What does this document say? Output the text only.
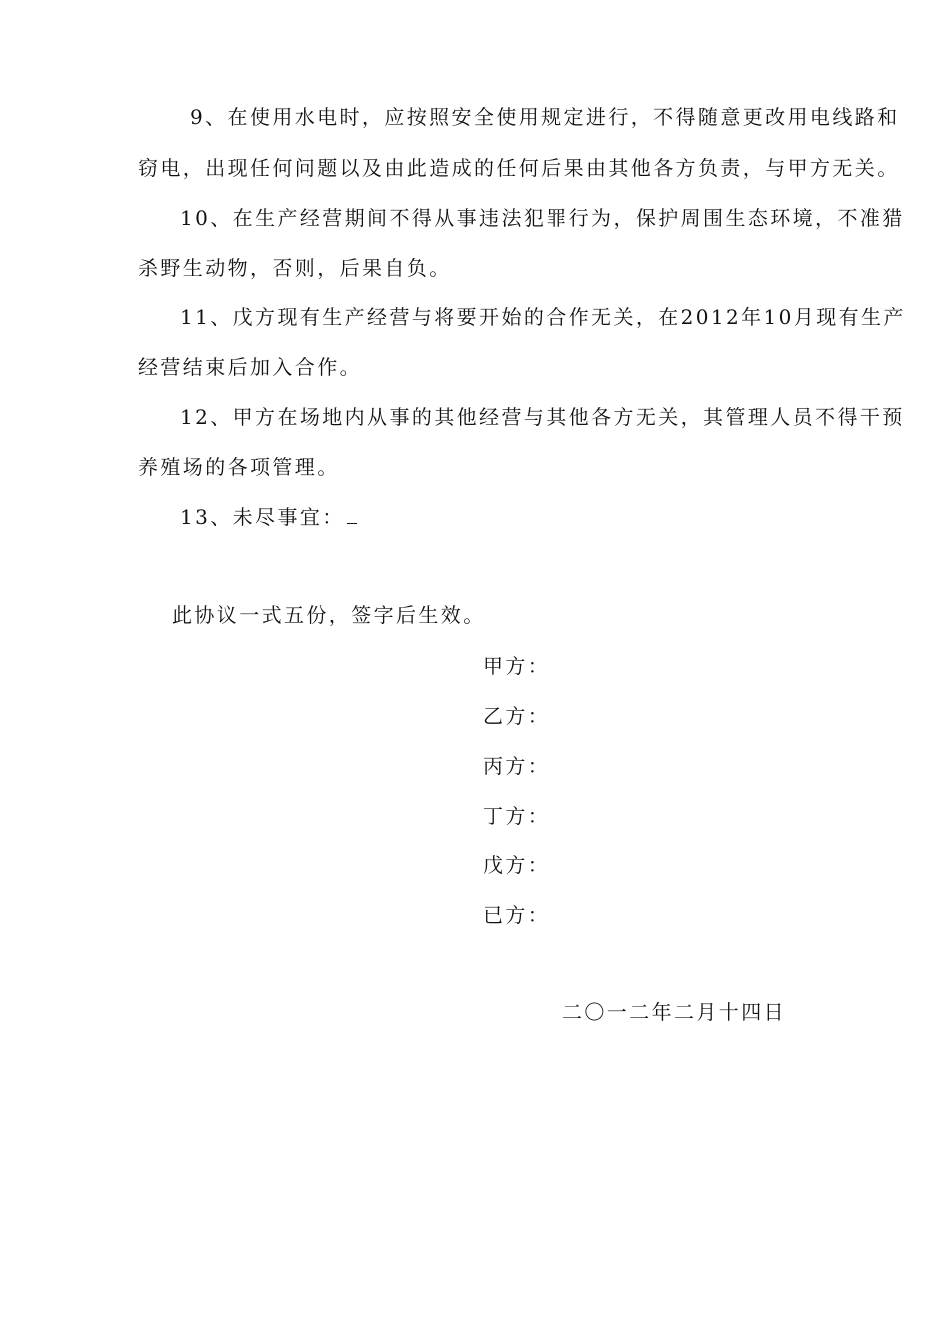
9、在使用水电时，应按照安全使用规定进行，不得随意更改用电线路和
窃电，出现任何问题以及由此造成的任何后果由其他各方负责，与甲方无关。
10、在生产经营期间不得从事违法犯罪行为，保护周围生态环境，不准猎
杀野生动物，否则，后果自负。
11、戊方现有生产经营与将要开始的合作无关，在2012年10月现有生产
经营结束后加入合作。
12、甲方在场地内从事的其他经营与其他各方无关，其管理人员不得干预
养殖场的各项管理。
13、未尽事宜：
此协议一式五份，签字后生效。
甲方：
乙方：
丙方：
丁方：
戊方：
已方：
二〇一二年二月十四日
